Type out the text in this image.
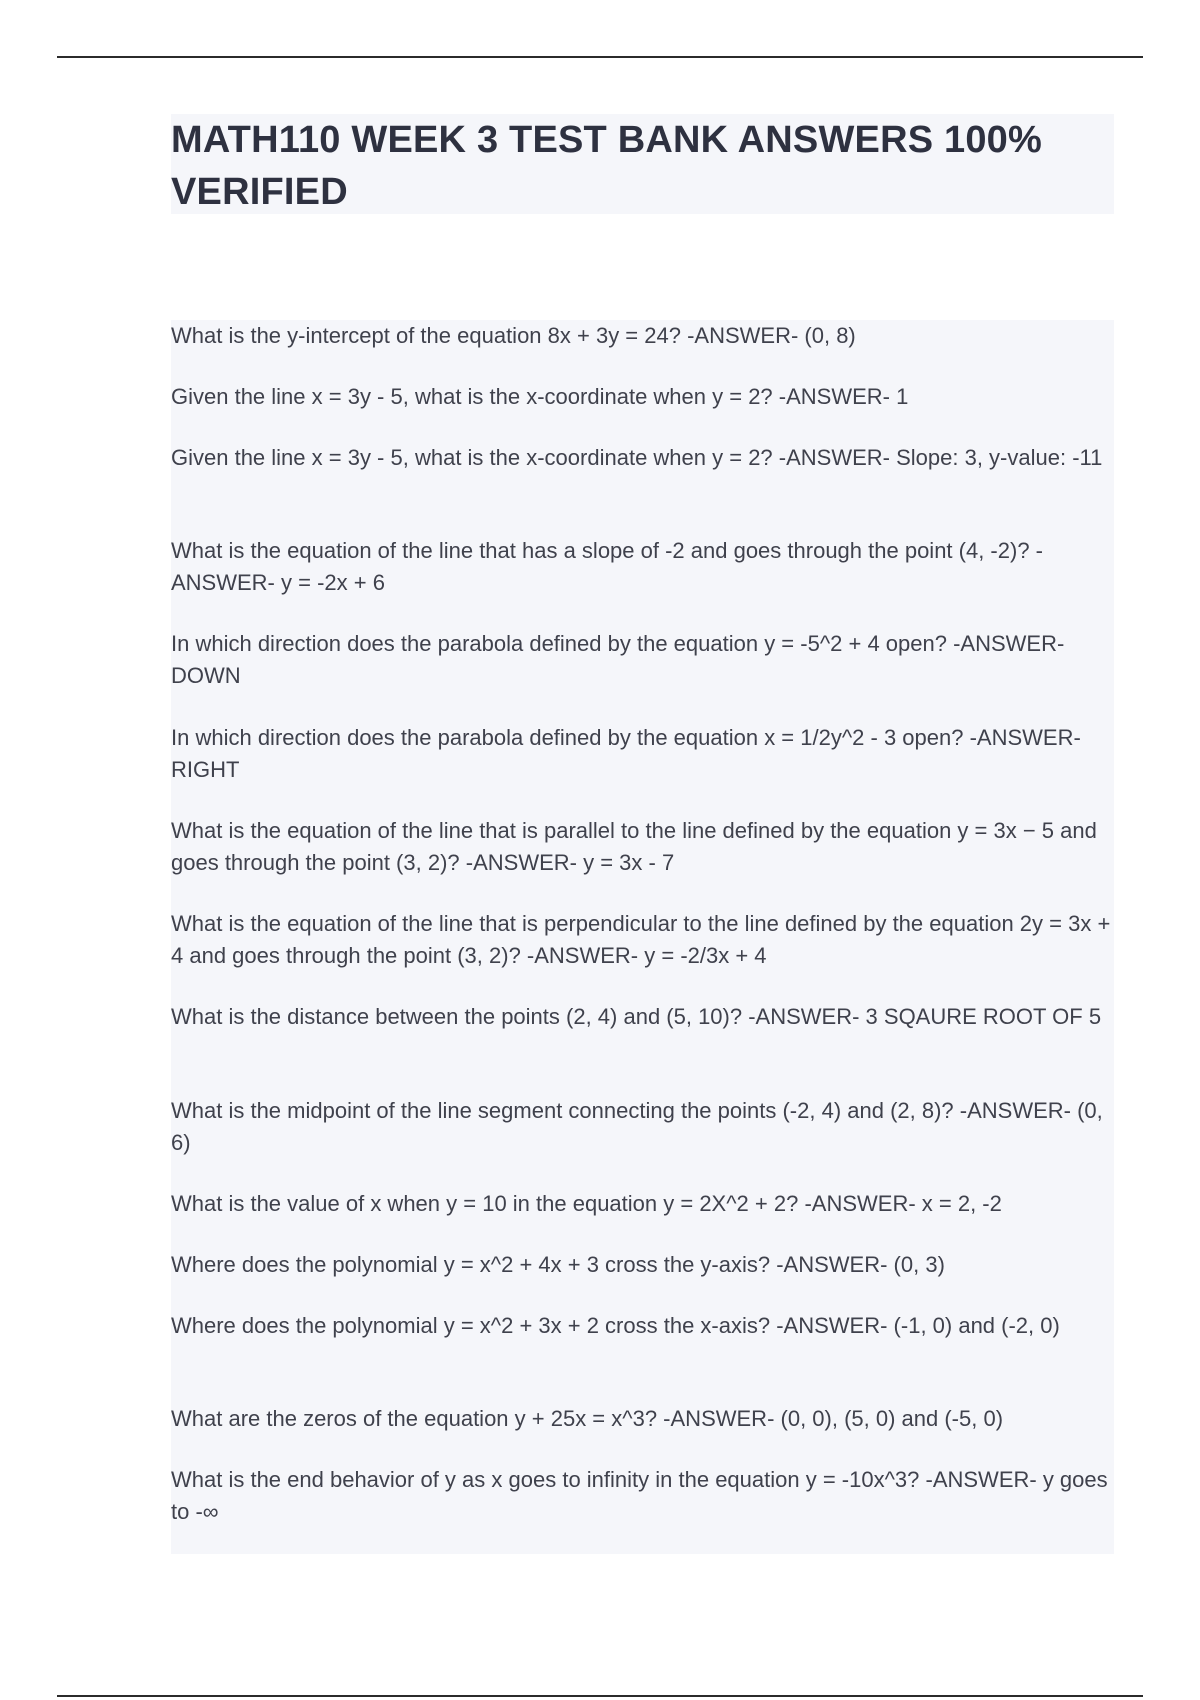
MATH110 WEEK 3 TEST BANK ANSWERS 100% VERIFIED
What is the y-intercept of the equation 8x + 3y = 24? -ANSWER- (0, 8)
Given the line x = 3y - 5, what is the x-coordinate when y = 2? -ANSWER- 1
Given the line x = 3y - 5, what is the x-coordinate when y = 2? -ANSWER- Slope: 3, y-value: -11
What is the equation of the line that has a slope of -2 and goes through the point (4, -2)? -ANSWER- y = -2x + 6
In which direction does the parabola defined by the equation y = -5^2 + 4 open? -ANSWER- DOWN
In which direction does the parabola defined by the equation x = 1/2y^2 - 3 open? -ANSWER- RIGHT
What is the equation of the line that is parallel to the line defined by the equation y = 3x − 5 and goes through the point (3, 2)? -ANSWER- y = 3x - 7
What is the equation of the line that is perpendicular to the line defined by the equation 2y = 3x + 4 and goes through the point (3, 2)? -ANSWER- y = -2/3x + 4
What is the distance between the points (2, 4) and (5, 10)? -ANSWER- 3 SQAURE ROOT OF 5
What is the midpoint of the line segment connecting the points (-2, 4) and (2, 8)? -ANSWER- (0, 6)
What is the value of x when y = 10 in the equation y = 2X^2 + 2? -ANSWER- x = 2, -2
Where does the polynomial y = x^2 + 4x + 3 cross the y-axis? -ANSWER- (0, 3)
Where does the polynomial y = x^2 + 3x + 2 cross the x-axis? -ANSWER- (-1, 0) and (-2, 0)
What are the zeros of the equation y + 25x = x^3? -ANSWER- (0, 0), (5, 0) and (-5, 0)
What is the end behavior of y as x goes to infinity in the equation y = -10x^3? -ANSWER- y goes to -∞
